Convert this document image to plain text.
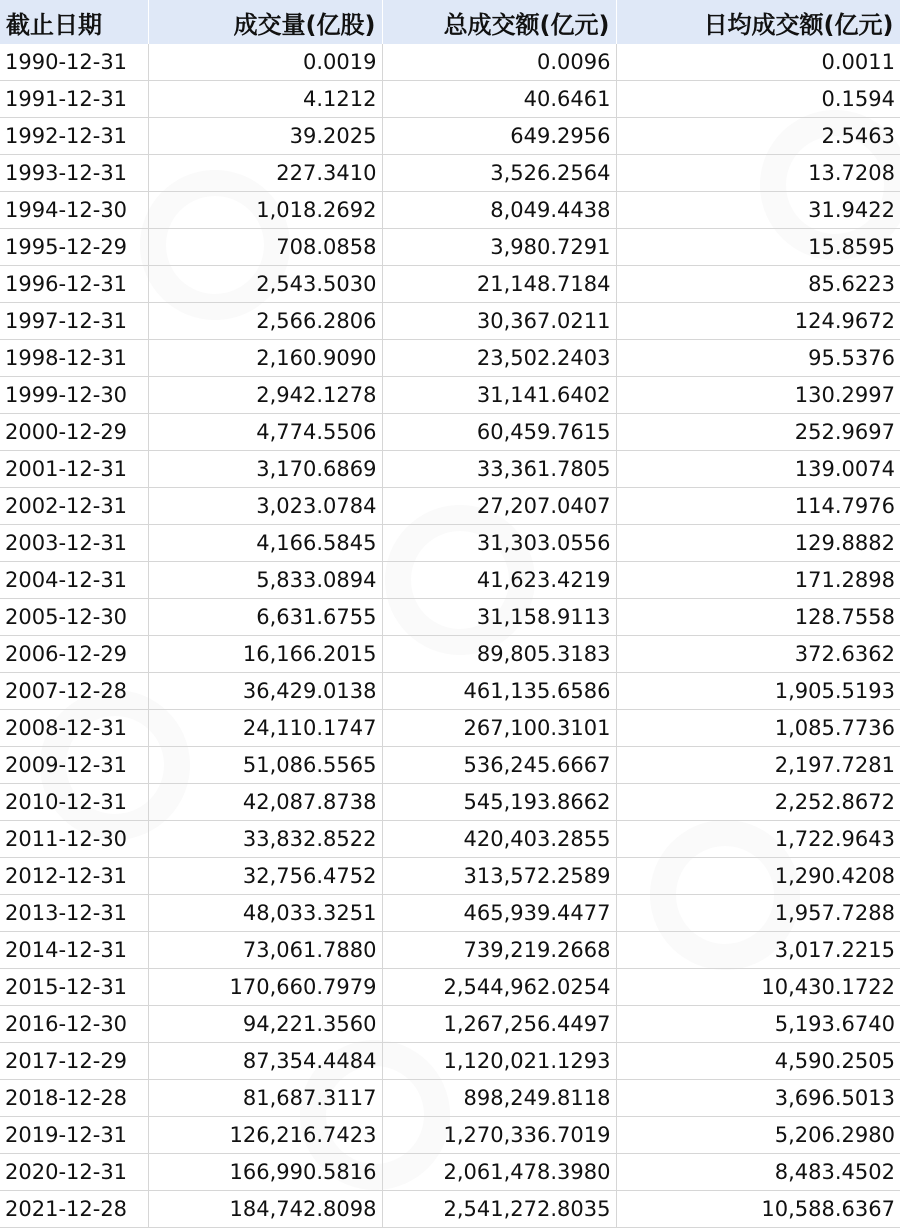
截止日期	成交量(亿股)	总成交额(亿元)	日均成交额(亿元)
1990-12-31	0.0019	0.0096	0.0011
1991-12-31	4.1212	40.6461	0.1594
1992-12-31	39.2025	649.2956	2.5463
1993-12-31	227.3410	3,526.2564	13.7208
1994-12-30	1,018.2692	8,049.4438	31.9422
1995-12-29	708.0858	3,980.7291	15.8595
1996-12-31	2,543.5030	21,148.7184	85.6223
1997-12-31	2,566.2806	30,367.0211	124.9672
1998-12-31	2,160.9090	23,502.2403	95.5376
1999-12-30	2,942.1278	31,141.6402	130.2997
2000-12-29	4,774.5506	60,459.7615	252.9697
2001-12-31	3,170.6869	33,361.7805	139.0074
2002-12-31	3,023.0784	27,207.0407	114.7976
2003-12-31	4,166.5845	31,303.0556	129.8882
2004-12-31	5,833.0894	41,623.4219	171.2898
2005-12-30	6,631.6755	31,158.9113	128.7558
2006-12-29	16,166.2015	89,805.3183	372.6362
2007-12-28	36,429.0138	461,135.6586	1,905.5193
2008-12-31	24,110.1747	267,100.3101	1,085.7736
2009-12-31	51,086.5565	536,245.6667	2,197.7281
2010-12-31	42,087.8738	545,193.8662	2,252.8672
2011-12-30	33,832.8522	420,403.2855	1,722.9643
2012-12-31	32,756.4752	313,572.2589	1,290.4208
2013-12-31	48,033.3251	465,939.4477	1,957.7288
2014-12-31	73,061.7880	739,219.2668	3,017.2215
2015-12-31	170,660.7979	2,544,962.0254	10,430.1722
2016-12-30	94,221.3560	1,267,256.4497	5,193.6740
2017-12-29	87,354.4484	1,120,021.1293	4,590.2505
2018-12-28	81,687.3117	898,249.8118	3,696.5013
2019-12-31	126,216.7423	1,270,336.7019	5,206.2980
2020-12-31	166,990.5816	2,061,478.3980	8,483.4502
2021-12-28	184,742.8098	2,541,272.8035	10,588.6367
